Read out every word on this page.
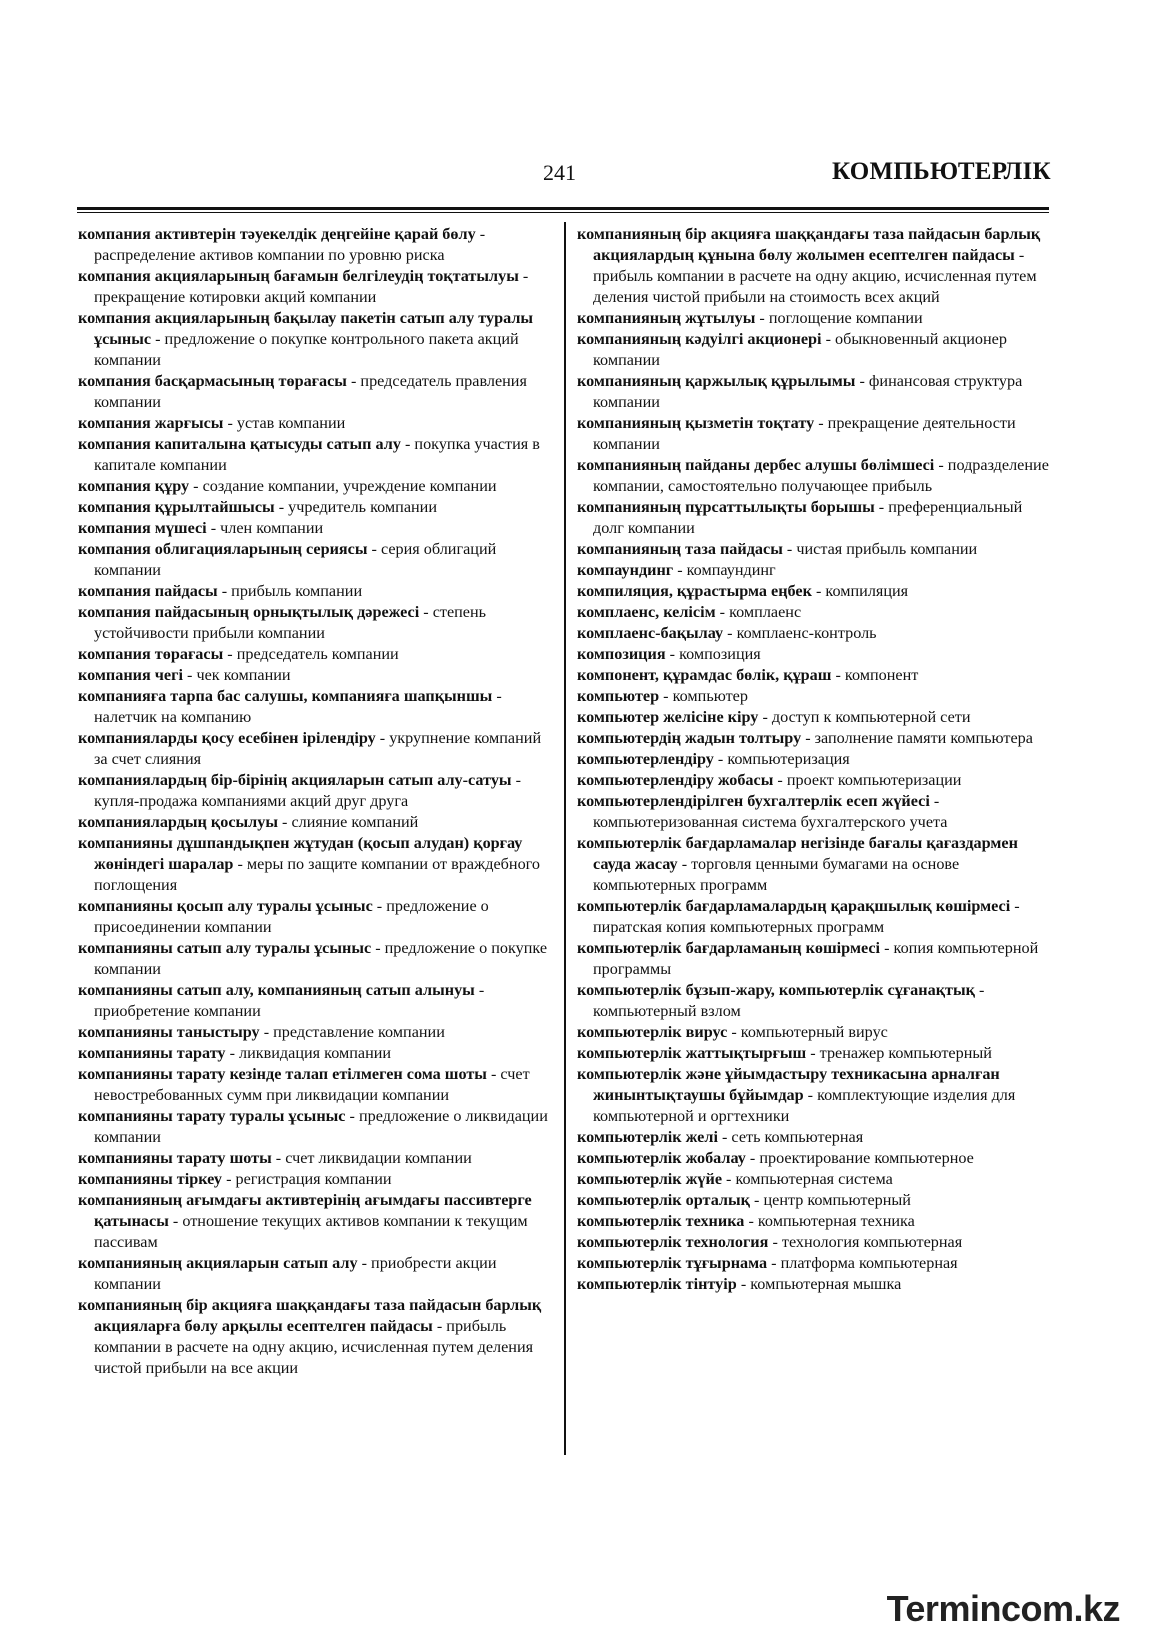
241	КОМПЬЮТЕРЛІК

компания активтерін тәуекелдік деңгейіне қарай бөлу - распределение активов компании по уровню риска

компания акцияларының бағамын белгілеудің тоқтатылуы - прекращение котировки акций компании

компания акцияларының бақылау пакетін сатып алу туралы ұсыныс - предложение о покупке контрольного пакета акций компании

компания басқармасының төрағасы - председатель правления компании

компания жарғысы - устав компании

компания капиталына қатысуды сатып алу - покупка участия в капитале компании

компания құру - создание компании, учреждение компании

компания құрылтайшысы - учредитель компании

компания мүшесі - член компании

компания облигацияларының сериясы - серия облигаций компании

компания пайдасы - прибыль компании

компания пайдасының орнықтылық дәрежесі - степень устойчивости прибыли компании

компания төрағасы - председатель компании

компания чегі - чек компании

компанияға тарпа бас салушы, компанияға шапқыншы - налетчик на компанию

компанияларды қосу есебінен ірілендіру - укрупнение компаний за счет слияния

компаниялардың бір-бірінің акцияларын сатып алу-сатуы - купля-продажа компаниями акций друг друга

компаниялардың қосылуы - слияние компаний

компанияны дұшпандықпен жұтудан (қосып алудан) қорғау жөніндегі шаралар - меры по защите компании от враждебного поглощения

компанияны қосып алу туралы ұсыныс - предложение о присоединении компании

компанияны сатып алу туралы ұсыныс - предложение о покупке компании

компанияны сатып алу, компанияның сатып алынуы - приобретение компании

компанияны таныстыру - представление компании

компанияны тарату - ликвидация компании

компанияны тарату кезінде талап етілмеген сома шоты - счет невостребованных сумм при ликвидации компании

компанияны тарату туралы ұсыныс - предложение о ликвидации компании

компанияны тарату шоты - счет ликвидации компании

компанияны тіркеу - регистрация компании

компанияның ағымдағы активтерінің ағымдағы пассивтерге қатынасы - отношение текущих активов компании к текущим пассивам

компанияның акцияларын сатып алу - приобрести акции компании

компанияның бір акцияға шаққандағы таза пайдасын барлық акцияларға бөлу арқылы есептелген пайдасы - прибыль компании в расчете на одну акцию, исчисленная путем деления чистой прибыли на все акции

компанияның бір акцияға шаққандағы таза пайдасын барлық акциялардың құнына бөлу жолымен есептелген пайдасы - прибыль компании в расчете на одну акцию, исчисленная путем деления чистой прибыли на стоимость всех акций

компанияның жұтылуы - поглощение компании

компанияның кәдуілгі акционері - обыкновенный акционер компании

компанияның қаржылық құрылымы - финансовая структура компании

компанияның қызметін тоқтату - прекращение деятельности компании

компанияның пайданы дербес алушы бөлімшесі - подразделение компании, самостоятельно получающее прибыль

компанияның пұрсаттылықты борышы - преференциальный долг компании

компанияның таза пайдасы - чистая прибыль компании

компаундинг - компаундинг

компиляция, құрастырма еңбек - компиляция

комплаенс, келісім - комплаенс

комплаенс-бақылау - комплаенс-контроль

композиция - композиция

компонент, құрамдас бөлік, құраш - компонент

компьютер - компьютер

компьютер желісіне кіру - доступ к компьютерной сети

компьютердің жадын толтыру - заполнение памяти компьютера

компьютерлендіру - компьютеризация

компьютерлендіру жобасы - проект компьютеризации

компьютерлендірілген бухгалтерлік есеп жүйесі - компьютеризованная система бухгалтерского учета

компьютерлік бағдарламалар негізінде бағалы қағаздармен сауда жасау - торговля ценными бумагами на основе компьютерных программ

компьютерлік бағдарламалардың қарақшылық көшірмесі - пиратская копия компьютерных программ

компьютерлік бағдарламаның көшірмесі - копия компьютерной программы

компьютерлік бұзып-жару, компьютерлік сұғанақтық - компьютерный взлом

компьютерлік вирус - компьютерный вирус

компьютерлік жаттықтырғыш - тренажер компьютерный

компьютерлік және ұйымдастыру техникасына арналған жинынтықтаушы бұйымдар - комплектующие изделия для компьютерной и оргтехники

компьютерлік желі - сеть компьютерная

компьютерлік жобалау - проектирование компьютерное

компьютерлік жүйе - компьютерная система

компьютерлік орталық - центр компьютерный

компьютерлік техника - компьютерная техника

компьютерлік технология - технология компьютерная

компьютерлік тұғырнама - платформа компьютерная

компьютерлік тінтуір - компьютерная мышка

Termincom.kz
